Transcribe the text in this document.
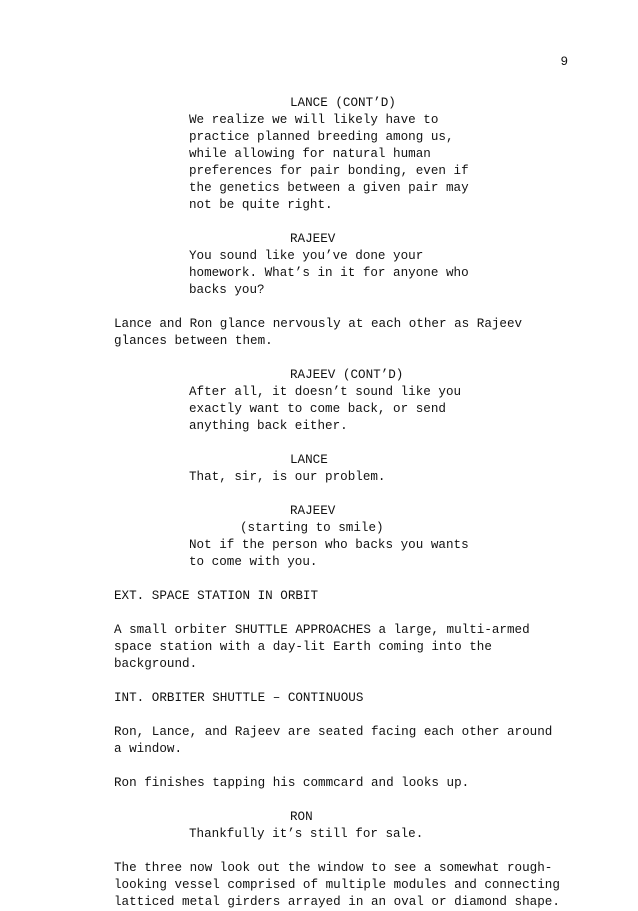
9
LANCE (CONT’D)
We realize we will likely have to
practice planned breeding among us,
while allowing for natural human
preferences for pair bonding, even if
the genetics between a given pair may
not be quite right.
RAJEEV
You sound like you’ve done your
homework. What’s in it for anyone who
backs you?
Lance and Ron glance nervously at each other as Rajeev
glances between them.
RAJEEV (CONT’D)
After all, it doesn’t sound like you
exactly want to come back, or send
anything back either.
LANCE
That, sir, is our problem.
RAJEEV
(starting to smile)
Not if the person who backs you wants
to come with you.
EXT. SPACE STATION IN ORBIT
A small orbiter SHUTTLE APPROACHES a large, multi-armed
space station with a day-lit Earth coming into the
background.
INT. ORBITER SHUTTLE – CONTINUOUS
Ron, Lance, and Rajeev are seated facing each other around
a window.
Ron finishes tapping his commcard and looks up.
RON
Thankfully it’s still for sale.
The three now look out the window to see a somewhat rough-
looking vessel comprised of multiple modules and connecting
latticed metal girders arrayed in an oval or diamond shape.
